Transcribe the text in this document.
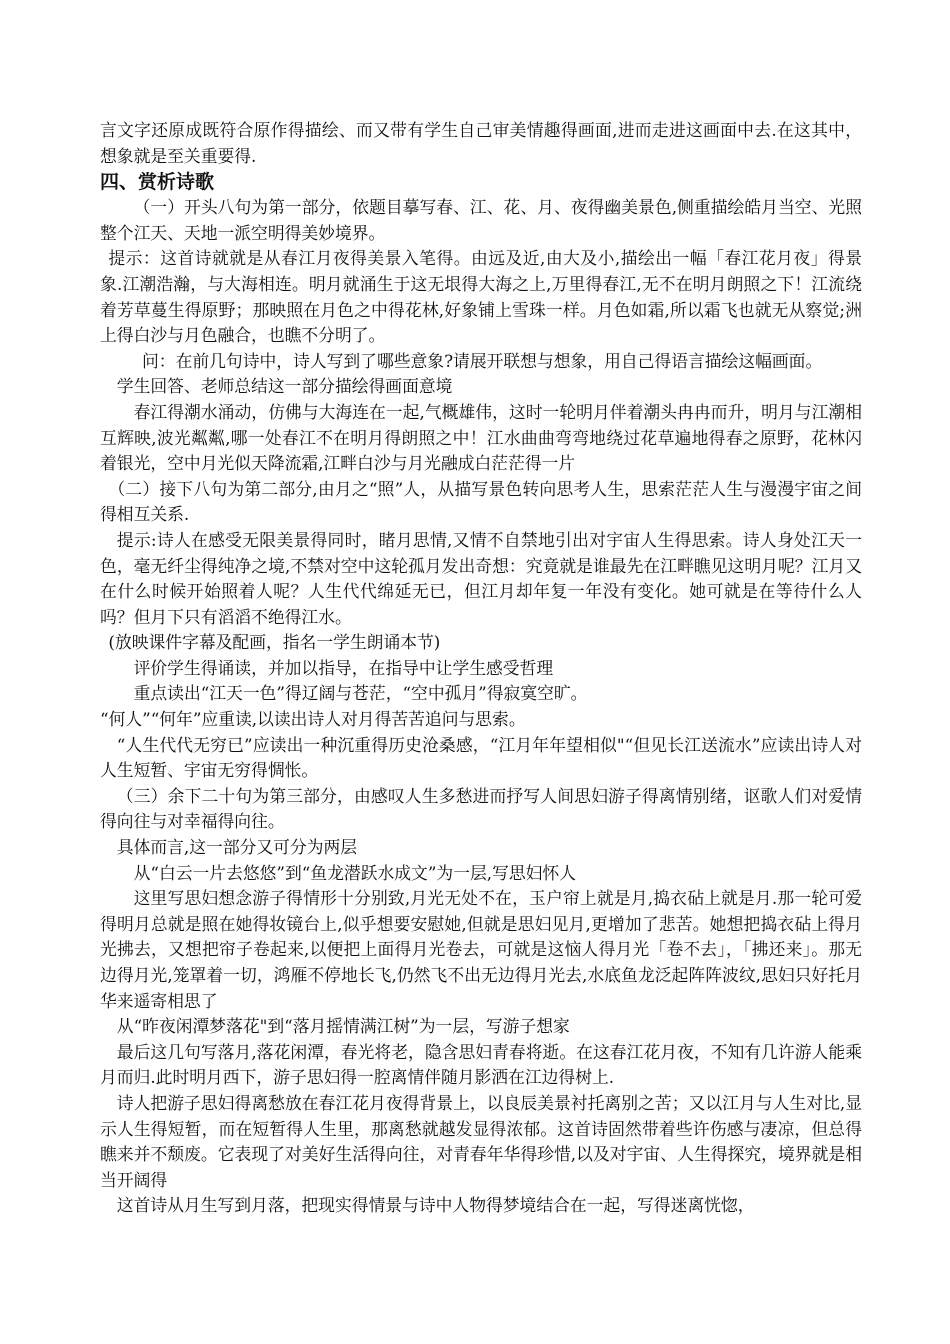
言文字还原成既符合原作得描绘、而又带有学生自己审美情趣得画面,进而走进这画面中去.在这其中，想象就是至关重要得.

四、赏析诗歌

（一）开头八句为第一部分，依题目摹写春、江、花、月、夜得幽美景色,侧重描绘皓月当空、光照整个江天、天地一派空明得美妙境界。

提示：这首诗就就是从春江月夜得美景入笔得。由远及近,由大及小,描绘出一幅「春江花月夜」得景象.江潮浩瀚，与大海相连。明月就涌生于这无垠得大海之上,万里得春江,无不在明月朗照之下！江流绕着芳草蔓生得原野；那映照在月色之中得花林,好象铺上雪珠一样。月色如霜,所以霜飞也就无从察觉;洲上得白沙与月色融合，也瞧不分明了。

问：在前几句诗中，诗人写到了哪些意象?请展开联想与想象，用自己得语言描绘这幅画面。

学生回答、老师总结这一部分描绘得画面意境

春江得潮水涌动，仿佛与大海连在一起,气概雄伟，这时一轮明月伴着潮头冉冉而升，明月与江潮相互辉映,波光粼粼,哪一处春江不在明月得朗照之中！江水曲曲弯弯地绕过花草遍地得春之原野，花林闪着银光，空中月光似天降流霜,江畔白沙与月光融成白茫茫得一片

（二）接下八句为第二部分,由月之“照”人，从描写景色转向思考人生，思索茫茫人生与漫漫宇宙之间得相互关系.

提示:诗人在感受无限美景得同时，睹月思情,又情不自禁地引出对宇宙人生得思索。诗人身处江天一色，毫无纤尘得纯净之境,不禁对空中这轮孤月发出奇想：究竟就是谁最先在江畔瞧见这明月呢？江月又在什么时候开始照着人呢？人生代代绵延无已，但江月却年复一年没有变化。她可就是在等待什么人吗？但月下只有滔滔不绝得江水。

(放映课件字幕及配画，指名一学生朗诵本节)

评价学生得诵读，并加以指导，在指导中让学生感受哲理

重点读出“江天一色”得辽阔与苍茫，“空中孤月”得寂寞空旷。

“何人”“何年”应重读,以读出诗人对月得苦苦追问与思索。

“人生代代无穷已”应读出一种沉重得历史沧桑感，“江月年年望相似"“但见长江送流水”应读出诗人对人生短暂、宇宙无穷得惆怅。

（三）余下二十句为第三部分，由感叹人生多愁进而抒写人间思妇游子得离情别绪，讴歌人们对爱情得向往与对幸福得向往。

具体而言,这一部分又可分为两层

从“白云一片去悠悠”到“鱼龙潜跃水成文”为一层,写思妇怀人

这里写思妇想念游子得情形十分别致,月光无处不在，玉户帘上就是月,捣衣砧上就是月.那一轮可爱得明月总就是照在她得妆镜台上,似乎想要安慰她,但就是思妇见月,更增加了悲苦。她想把捣衣砧上得月光拂去，又想把帘子卷起来,以便把上面得月光卷去，可就是这恼人得月光「卷不去」，「拂还来」。那无边得月光,笼罩着一切，鸿雁不停地长飞,仍然飞不出无边得月光去,水底鱼龙泛起阵阵波纹,思妇只好托月华来遥寄相思了

从“昨夜闲潭梦落花"到“落月摇情满江树”为一层，写游子想家

最后这几句写落月,落花闲潭，春光将老，隐含思妇青春将逝。在这春江花月夜，不知有几许游人能乘月而归.此时明月西下，游子思妇得一腔离情伴随月影洒在江边得树上.

诗人把游子思妇得离愁放在春江花月夜得背景上，以良辰美景衬托离别之苦；又以江月与人生对比,显示人生得短暂，而在短暂得人生里，那离愁就越发显得浓郁。这首诗固然带着些许伤感与凄凉，但总得瞧来并不颓废。它表现了对美好生活得向往，对青春年华得珍惜,以及对宇宙、人生得探究，境界就是相当开阔得

这首诗从月生写到月落，把现实得情景与诗中人物得梦境结合在一起，写得迷离恍惚，
